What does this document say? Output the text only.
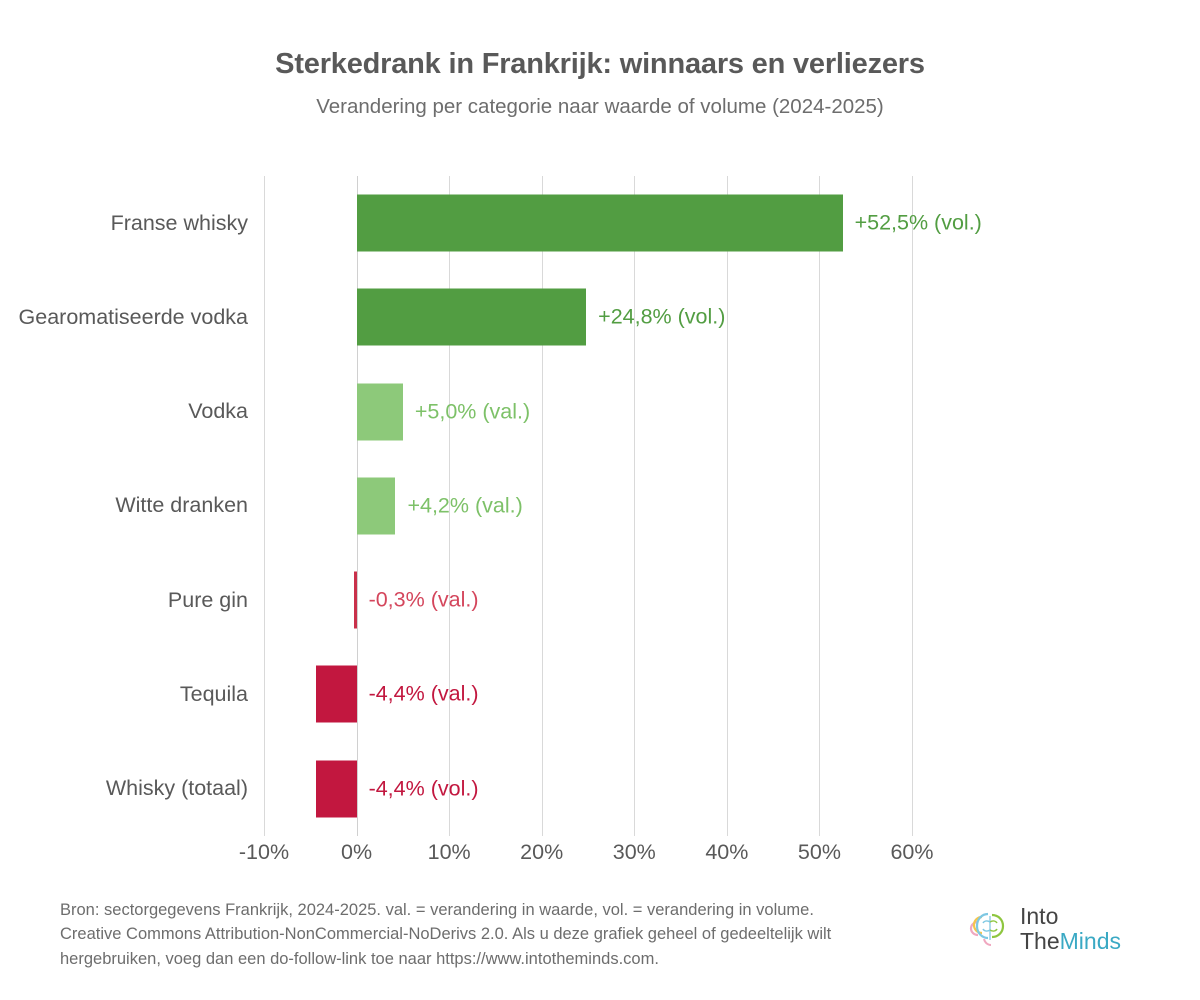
Sterkedrank in Frankrijk: winnaars en verliezers
Verandering per categorie naar waarde of volume (2024-2025)
Franse whisky
Gearomatiseerde vodka
Vodka
Witte dranken
Pure gin
Tequila
Whisky (totaal)
+52,5% (vol.)
+24,8% (vol.)
+5,0% (val.)
+4,2% (val.)
-0,3% (val.)
-4,4% (val.)
-4,4% (vol.)
-10% 0%	10% 20% 30% 40% 50% 60%
Bron: sectorgegevens Frankrijk, 2024-2025. val. = verandering in waarde, vol. = verandering in volume.
Creative Commons Attribution-NonCommercial-NoDerivs 2.0. Als u deze grafiek geheel of gedeeltelijk wilt
hergebruiken, voeg dan een do-follow-link toe naar https://www.intotheminds.com.
Into
TheMinds
